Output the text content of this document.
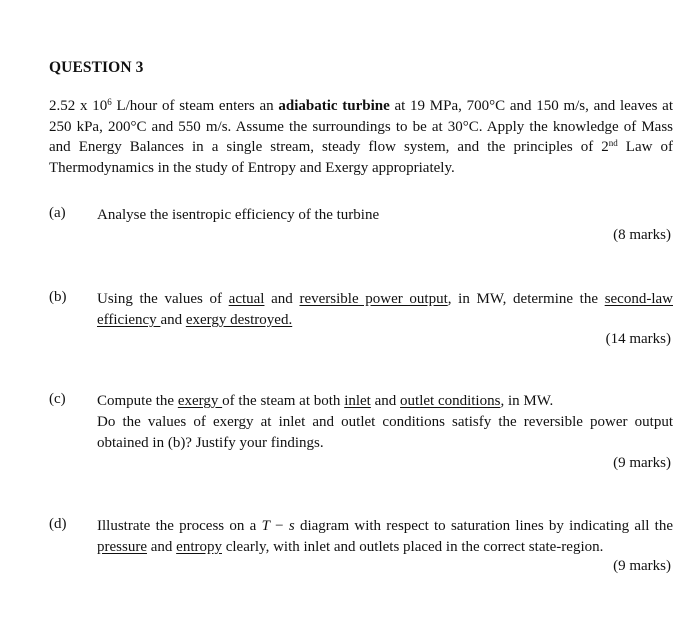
QUESTION 3
2.52 x $10^6$ L/hour of steam enters an adiabatic turbine at 19 MPa, 700°C and 150 m/s, and leaves at 250 kPa, 200°C and 550 m/s. Assume the surroundings to be at 30°C. Apply the knowledge of Mass and Energy Balances in a single stream, steady flow system, and the principles of 2nd Law of Thermodynamics in the study of Entropy and Exergy appropriately.
(a) Analyse the isentropic efficiency of the turbine
(8 marks)
(b) Using the values of actual and reversible power output, in MW, determine the second-law efficiency and exergy destroyed.
(14 marks)
(c) Compute the exergy of the steam at both inlet and outlet conditions, in MW.
Do the values of exergy at inlet and outlet conditions satisfy the reversible power output obtained in (b)? Justify your findings.
(9 marks)
(d) Illustrate the process on a T − s diagram with respect to saturation lines by indicating all the pressure and entropy clearly, with inlet and outlets placed in the correct state-region.
(9 marks)
